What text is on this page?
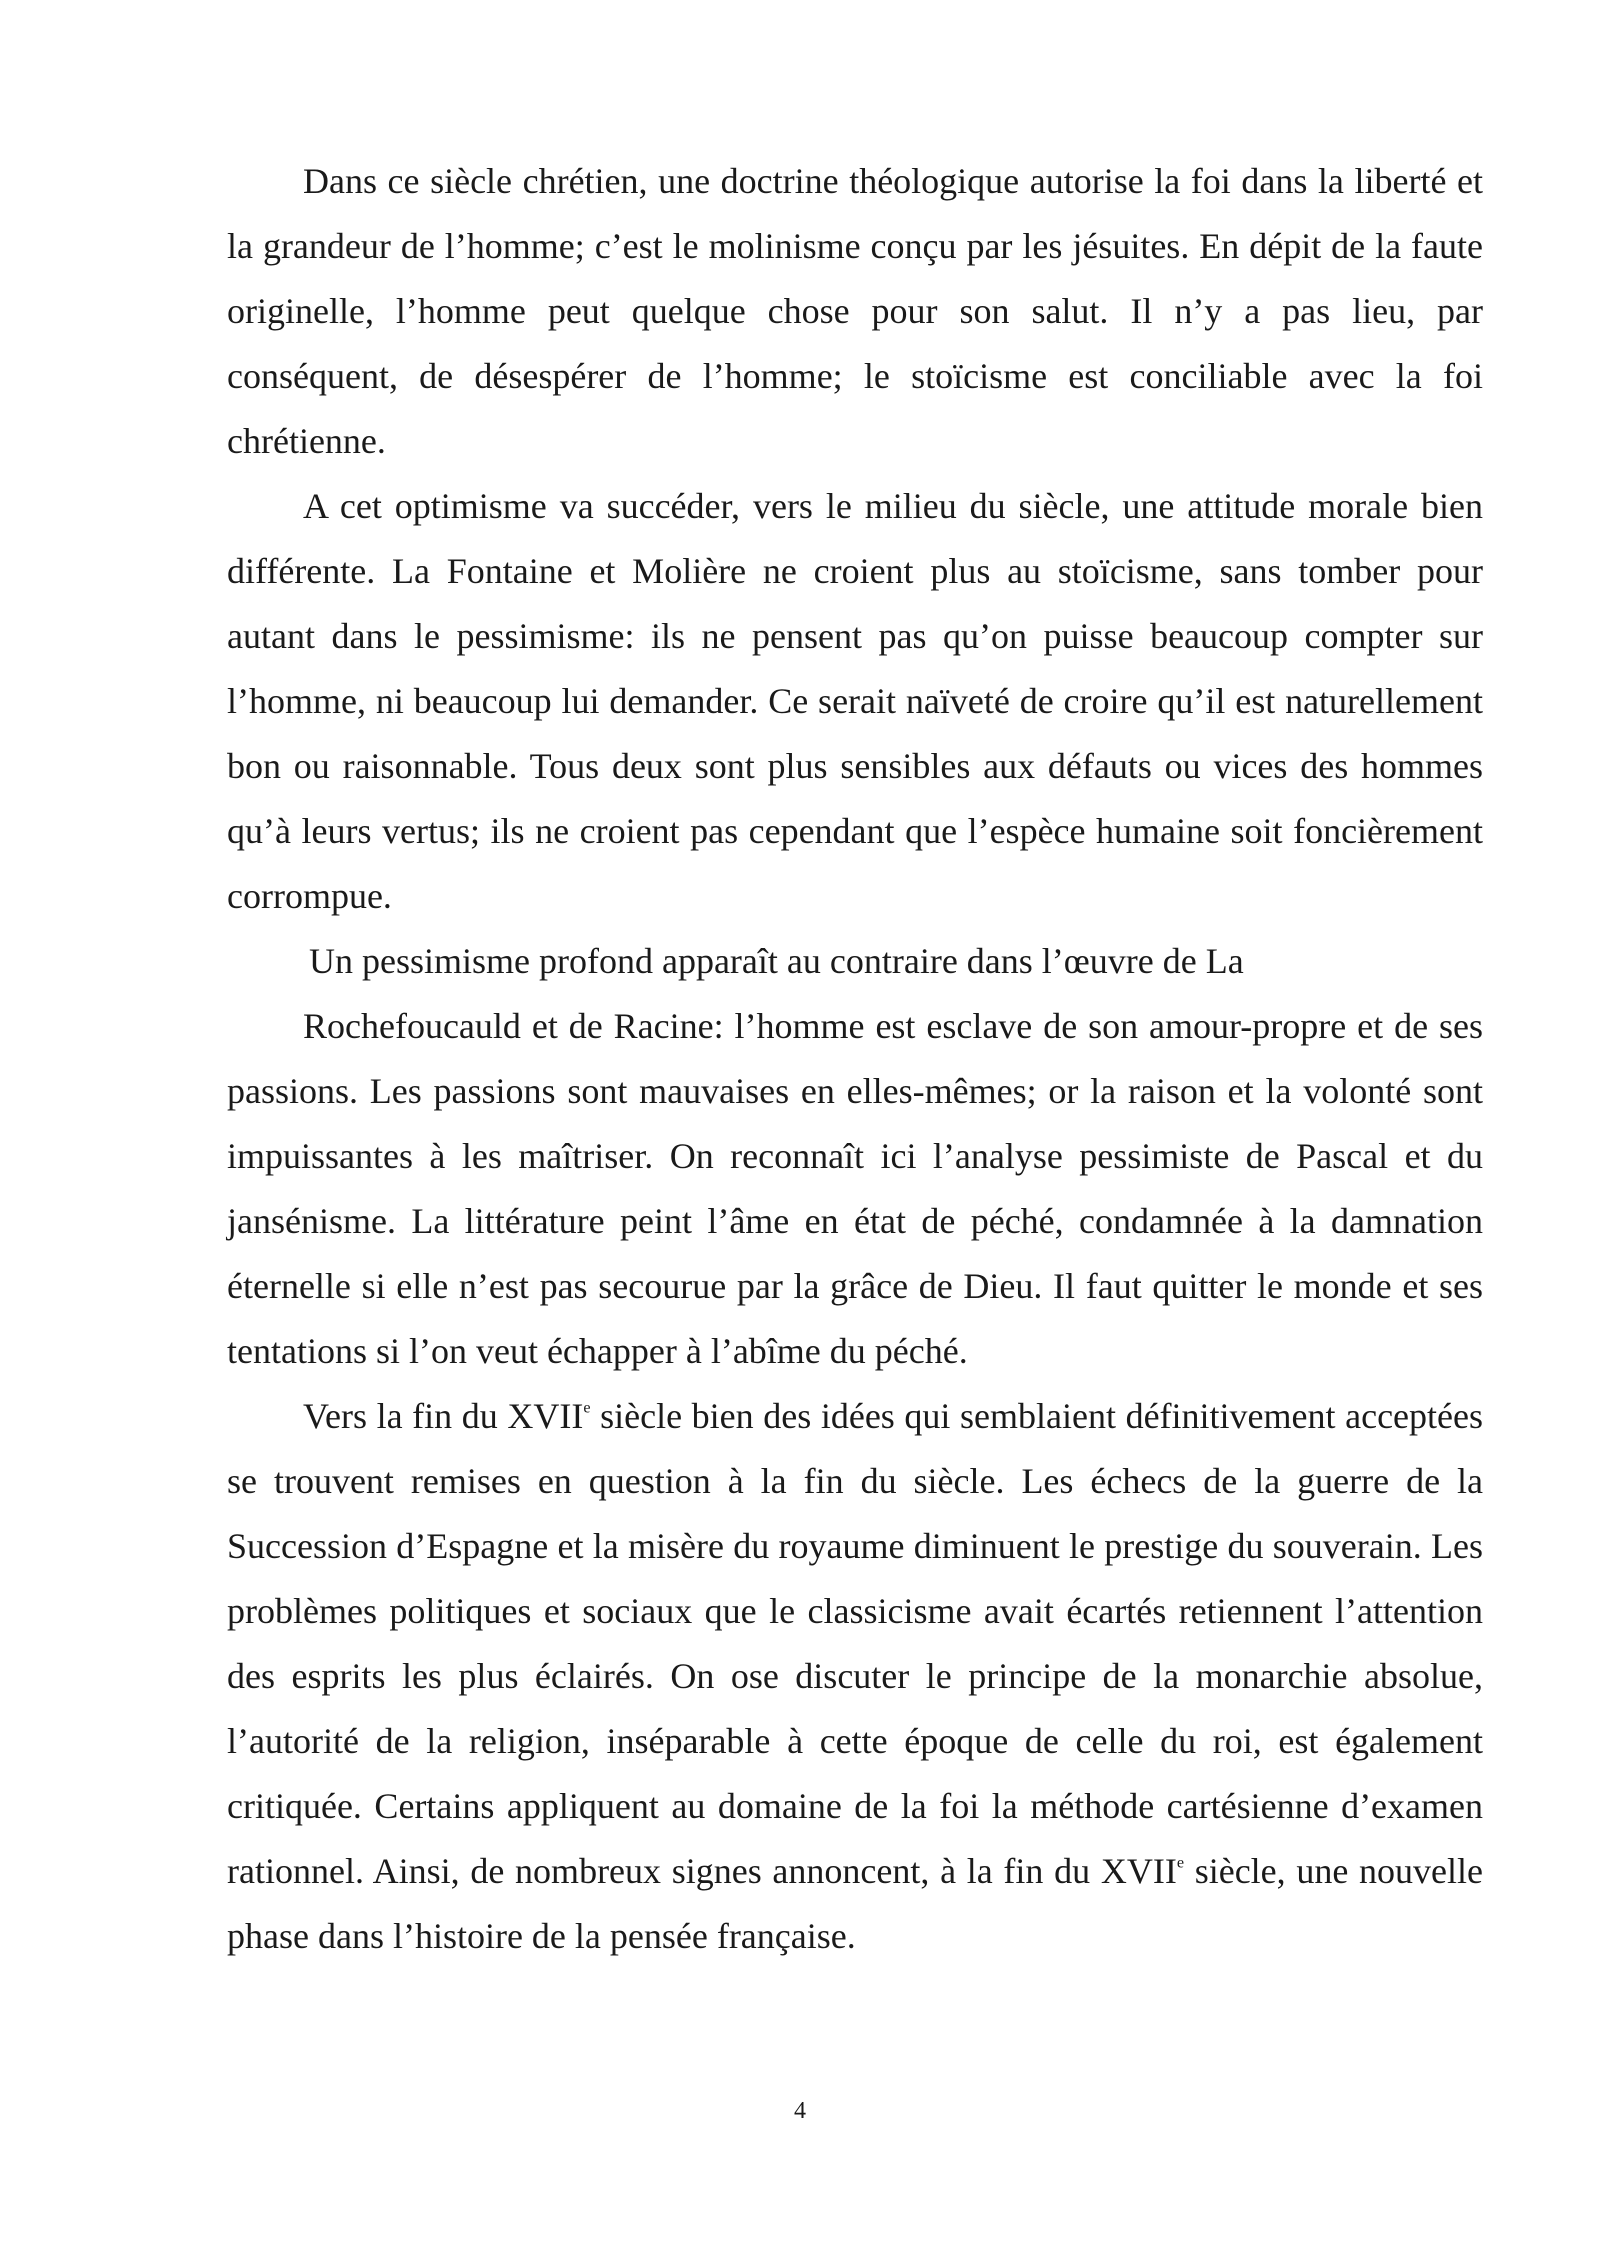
Dans ce siècle chrétien, une doctrine théologique autorise la foi dans la liberté et la grandeur de l’homme; c’est le molinisme conçu par les jésuites. En dépit de la faute originelle, l’homme peut quelque chose pour son salut. Il n’y a pas lieu, par conséquent, de désespérer de l’homme; le stoïcisme est conciliable avec la foi chrétienne.

A cet optimisme va succéder, vers le milieu du siècle, une attitude morale bien différente. La Fontaine et Molière ne croient plus au stoïcisme, sans tomber pour autant dans le pessimisme: ils ne pensent pas qu’on puisse beaucoup compter sur l’homme, ni beaucoup lui demander. Ce serait naïveté de croire qu’il est naturellement bon ou raisonnable. Tous deux sont plus sensibles aux défauts ou vices des hommes qu’à leurs vertus; ils ne croient pas cependant que l’espèce humaine soit foncièrement corrompue.

Un pessimisme profond apparaît au contraire dans l’œuvre de La

Rochefoucauld et de Racine: l’homme est esclave de son amour-propre et de ses passions. Les passions sont mauvaises en elles-mêmes; or la raison et la volonté sont impuissantes à les maîtriser. On reconnaît ici l’analyse pessimiste de Pascal et du jansénisme. La littérature peint l’âme en état de péché, condamnée à la damnation éternelle si elle n’est pas secourue par la grâce de Dieu. Il faut quitter le monde et ses tentations si l’on veut échapper à l’abîme du péché.

Vers la fin du XVIIe siècle bien des idées qui semblaient définitivement acceptées se trouvent remises en question à la fin du siècle. Les échecs de la guerre de la Succession d’Espagne et la misère du royaume diminuent le prestige du souverain. Les problèmes politiques et sociaux que le classicisme avait écartés retiennent l’attention des esprits les plus éclairés. On ose discuter le principe de la monarchie absolue, l’autorité de la religion, inséparable à cette époque de celle du roi, est également critiquée. Certains appliquent au domaine de la foi la méthode cartésienne d’examen rationnel. Ainsi, de nombreux signes annoncent, à la fin du XVIIe siècle, une nouvelle phase dans l’histoire de la pensée française.

4
